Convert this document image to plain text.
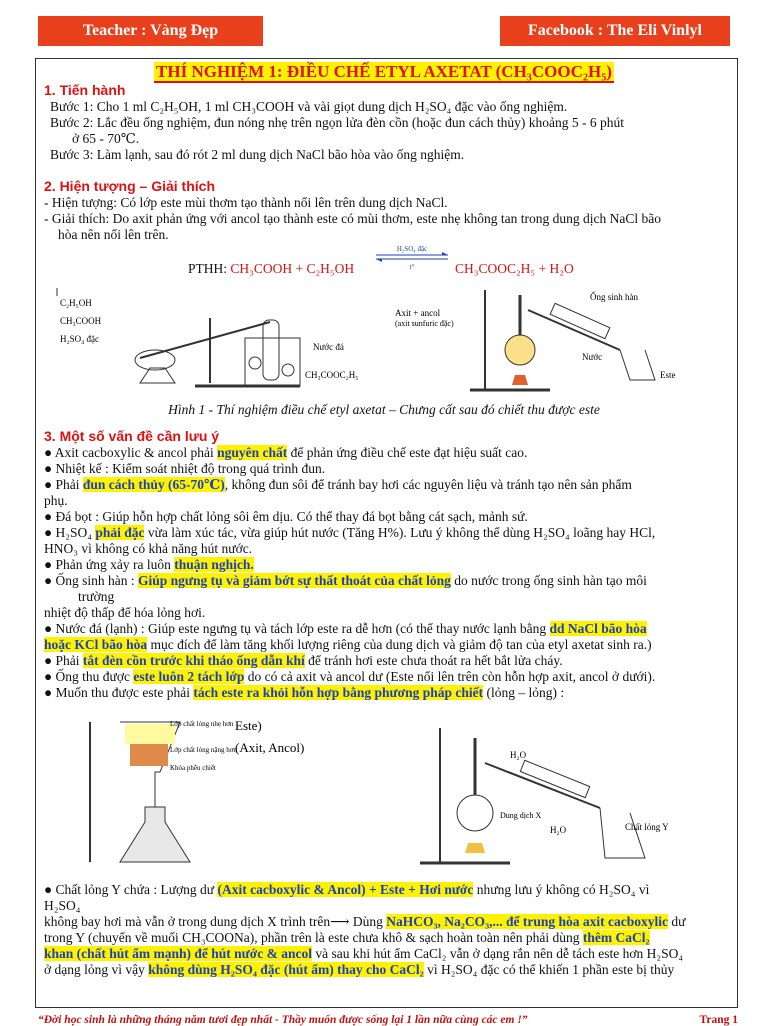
Teacher : Vàng Đẹp	Facebook : The Eli Vinlyl
THÍ NGHIỆM 1: ĐIỀU CHẾ ETYL AXETAT (CH₃COOC₂H₅)
1. Tiến hành
Bước 1: Cho 1 ml C₂H₅OH, 1 ml CH₃COOH và vài giọt dung dịch H₂SO₄ đặc vào ống nghiệm.
Bước 2: Lắc đều ống nghiệm, đun nóng nhẹ trên ngọn lửa đèn cồn (hoặc đun cách thủy) khoảng 5 - 6 phút
ở 65 - 70℃.
Bước 3: Làm lạnh, sau đó rót 2 ml dung dịch NaCl bão hòa vào ống nghiệm.
2. Hiện tượng – Giải thích
- Hiện tượng: Có lớp este mùi thơm tạo thành nổi lên trên dung dịch NaCl.
- Giải thích: Do axit phản ứng với ancol tạo thành este có mùi thơm, este nhẹ không tan trong dung dịch NaCl bão
hòa nên nổi lên trên.
PTHH: CH₃COOH + C₂H₅OH	CH₃COOC₂H₅ + H₂O
H₂SO₄ đặc
t°
C₂H₅OH
CH₃COOH
H₂SO₄ đặc
Nước đá
CH₃COOC₂H₅
Ống sinh hàn
Axit + ancol
(axit sunfuric đặc)
Nước
Este
Hình 1 - Thí nghiệm điều chế etyl axetat – Chưng cất sau đó chiết thu được este
3. Một số vấn đề cần lưu ý
● Axit cacboxylic & ancol phải nguyên chất để phản ứng điều chế este đạt hiệu suất cao.
● Nhiệt kế : Kiểm soát nhiệt độ trong quá trình đun.
● Phải đun cách thủy (65-70℃), không đun sôi để tránh bay hơi các nguyên liệu và tránh tạo nên sản phẩm
phụ.
● Đá bọt : Giúp hỗn hợp chất lỏng sôi êm dịu. Có thể thay đá bọt bằng cát sạch, mảnh sứ.
● H₂SO₄ phải đặc vừa làm xúc tác, vừa giúp hút nước (Tăng H%). Lưu ý không thể dùng H₂SO₄ loãng hay HCl,
HNO₃ vì không có khả năng hút nước.
● Phản ứng xảy ra luôn thuận nghịch.
● Ống sinh hàn : Giúp ngưng tụ và giảm bớt sự thất thoát của chất lỏng do nước trong ống sinh hàn tạo môi
trường
nhiệt độ thấp để hóa lỏng hơi.
● Nước đá (lạnh) : Giúp este ngưng tụ và tách lớp este ra dễ hơn (có thể thay nước lạnh bằng dd NaCl bão hòa
hoặc KCl bão hòa mục đích để làm tăng khối lượng riêng của dung dịch và giảm độ tan của etyl axetat sinh ra.)
● Phải tắt đèn cồn trước khi tháo ống dẫn khí để tránh hơi este chưa thoát ra hết bắt lửa cháy.
● Ống thu được este luôn 2 tách lớp do có cả axit và ancol dư (Este nổi lên trên còn hỗn hợp axit, ancol ở dưới).
● Muốn thu được este phải tách este ra khỏi hỗn hợp bằng phương pháp chiết (lỏng – lỏng) :
Lớp chất lỏng nhẹ hơn
Lớp chất lỏng nặng hơn
Khóa phễu chiết
Este)
(Axit, Ancol)	H₂O
Dung dịch X
H₂O	Chất lỏng Y
● Chất lỏng Y chứa : Lượng dư (Axit cacboxylic & Ancol) + Este + Hơi nước nhưng lưu ý không có H₂SO₄ vì
H₂SO₄
không bay hơi mà vẫn ở trong dung dịch X trình trên⟶ Dùng NaHCO₃, Na₂CO₃,... để trung hòa axit cacboxylic dư
trong Y (chuyển về muối CH₃COONa), phần trên là este chưa khô & sạch hoàn toàn nên phải dùng thêm CaCl₂
khan (chất hút ẩm mạnh) để hút nước & ancol và sau khi hút ẩm CaCl₂ vẫn ở dạng rắn nên dễ tách este hơn H₂SO₄
ở dạng lỏng vì vậy không dùng H₂SO₄ đặc (hút ẩm) thay cho CaCl₂ vì H₂SO₄ đặc có thể khiến 1 phần este bị thủy
“Đời học sinh là những tháng năm tươi đẹp nhất - Thầy muốn được sống lại 1 lần nữa cùng các em !”	Trang 1
